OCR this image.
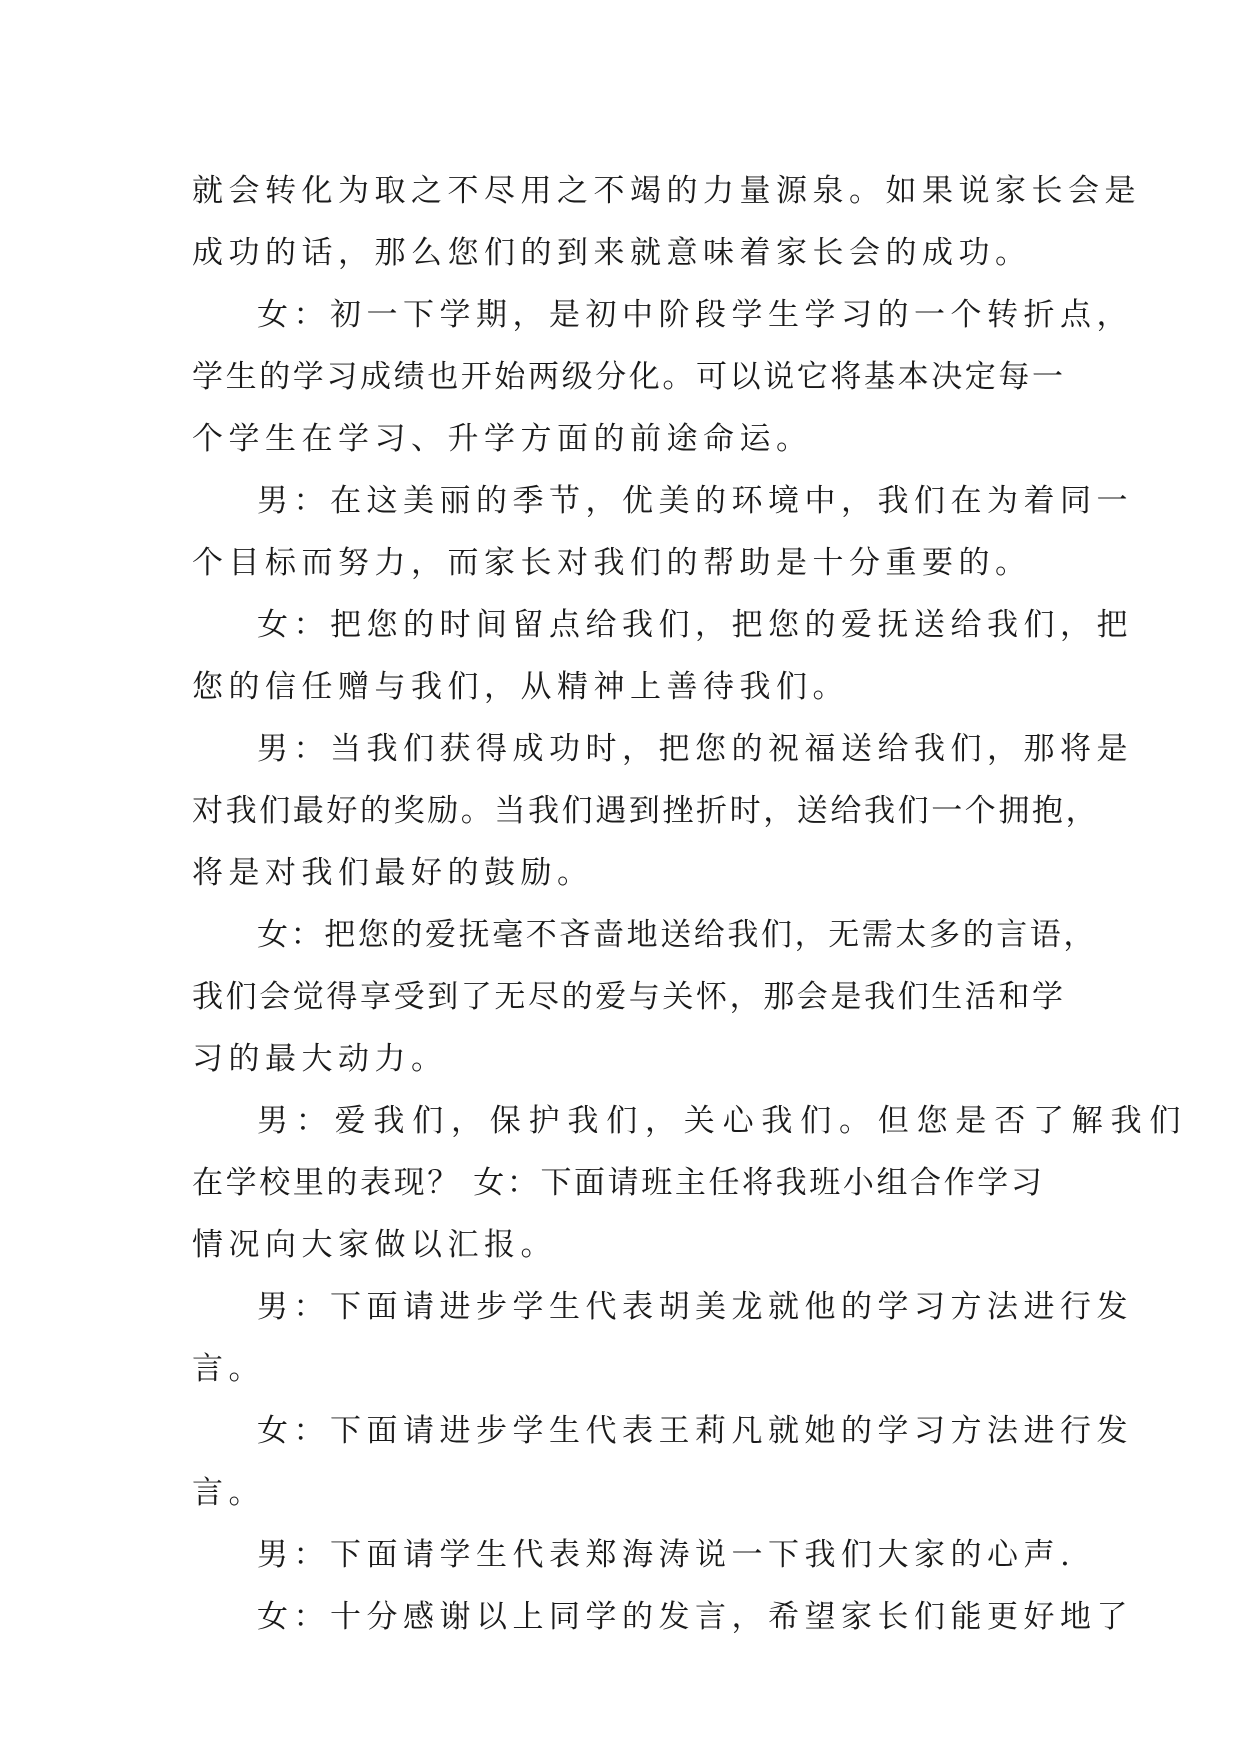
就会转化为取之不尽用之不竭的力量源泉。如果说家长会是
成功的话，那么您们的到来就意味着家长会的成功。
女：初一下学期，是初中阶段学生学习的一个转折点，
学生的学习成绩也开始两级分化。可以说它将基本决定每一
个学生在学习、升学方面的前途命运。
男：在这美丽的季节，优美的环境中，我们在为着同一
个目标而努力，而家长对我们的帮助是十分重要的。
女：把您的时间留点给我们，把您的爱抚送给我们，把
您的信任赠与我们，从精神上善待我们。
男：当我们获得成功时，把您的祝福送给我们，那将是
对我们最好的奖励。当我们遇到挫折时，送给我们一个拥抱，
将是对我们最好的鼓励。
女：把您的爱抚毫不吝啬地送给我们，无需太多的言语，
我们会觉得享受到了无尽的爱与关怀，那会是我们生活和学
习的最大动力。
男：爱我们，保护我们，关心我们。但您是否了解我们
在学校里的表现？ 女：下面请班主任将我班小组合作学习
情况向大家做以汇报。
男：下面请进步学生代表胡美龙就他的学习方法进行发
言。
女：下面请进步学生代表王莉凡就她的学习方法进行发
言。
男：下面请学生代表郑海涛说一下我们大家的心声.
女：十分感谢以上同学的发言，希望家长们能更好地了
